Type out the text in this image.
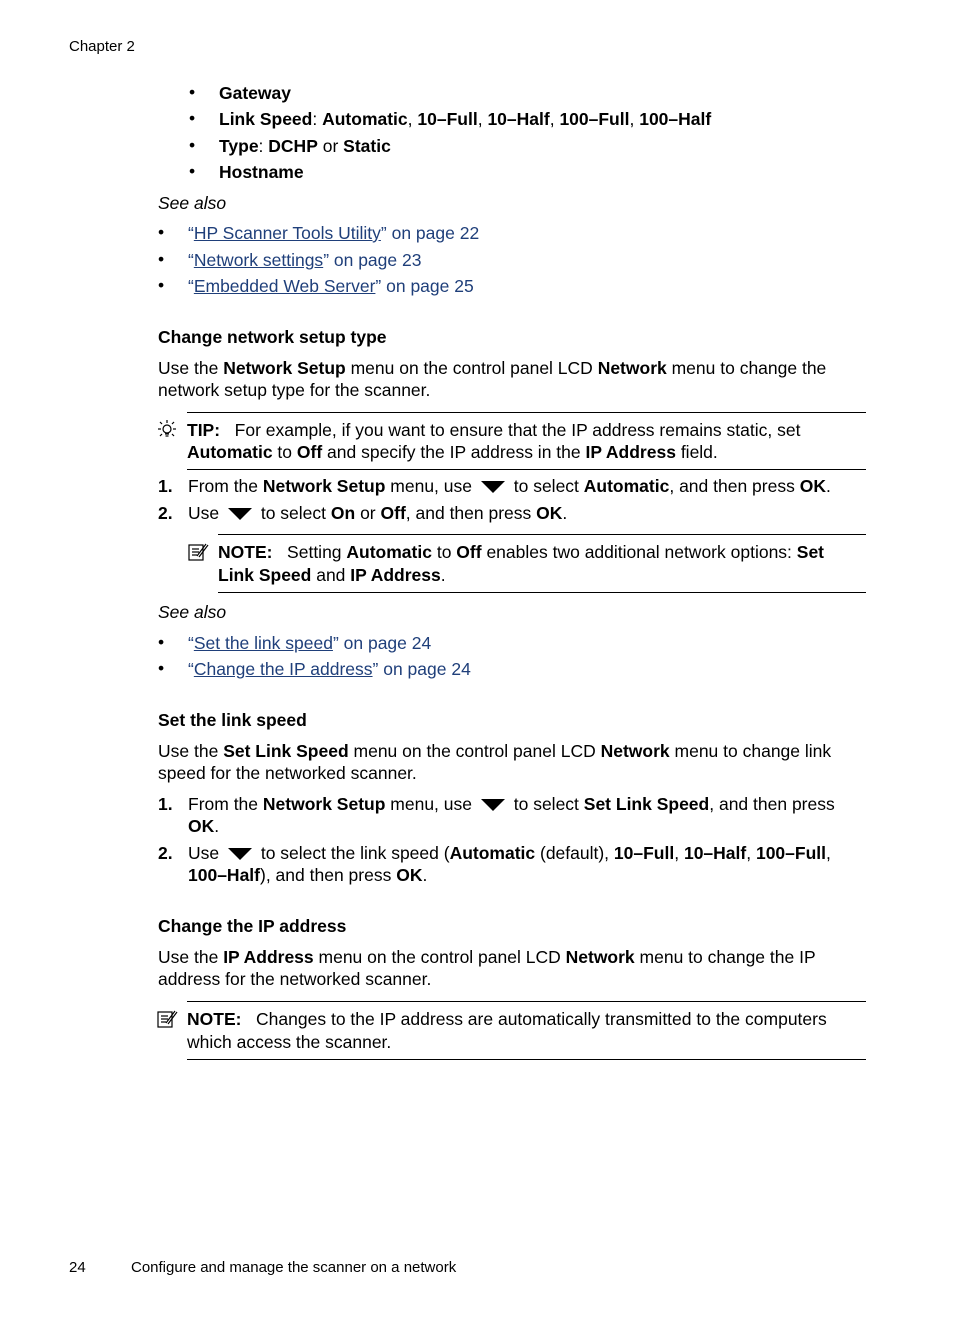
Chapter 2
• Gateway
• Link Speed: Automatic, 10–Full, 10–Half, 100–Full, 100–Half
• Type: DCHP or Static
• Hostname
See also
• “HP Scanner Tools Utility” on page 22
• “Network settings” on page 23
• “Embedded Web Server” on page 25
Change network setup type
Use the Network Setup menu on the control panel LCD Network menu to change the
network setup type for the scanner.
TIP: For example, if you want to ensure that the IP address remains static, set
Automatic to Off and specify the IP address in the IP Address field.
1. From the Network Setup menu, use  to select Automatic, and then press OK.
2. Use  to select On or Off, and then press OK.
NOTE: Setting Automatic to Off enables two additional network options: Set
Link Speed and IP Address.
See also
• “Set the link speed” on page 24
• “Change the IP address” on page 24
Set the link speed
Use the Set Link Speed menu on the control panel LCD Network menu to change link
speed for the networked scanner.
1. From the Network Setup menu, use  to select Set Link Speed, and then press
OK.
2. Use  to select the link speed (Automatic (default), 10–Full, 10–Half, 100–Full,
100–Half), and then press OK.
Change the IP address
Use the IP Address menu on the control panel LCD Network menu to change the IP
address for the networked scanner.
NOTE: Changes to the IP address are automatically transmitted to the computers
which access the scanner.
24	Configure and manage the scanner on a network
